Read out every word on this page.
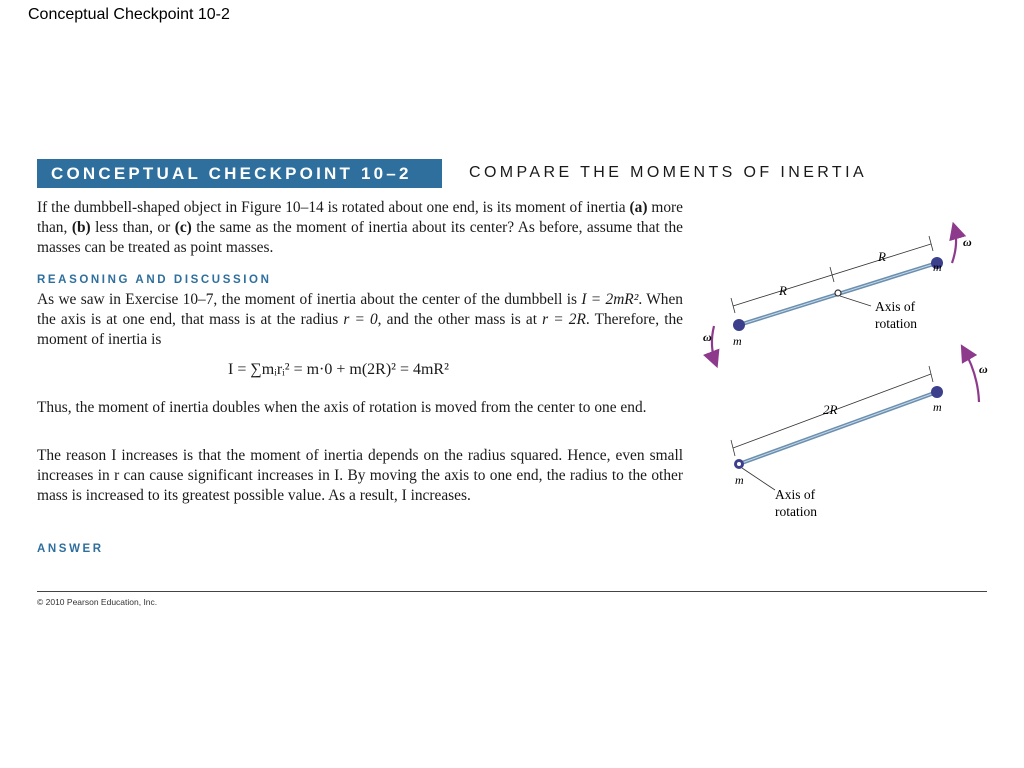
Conceptual Checkpoint 10-2
CONCEPTUAL CHECKPOINT 10–2	COMPARE THE MOMENTS OF INERTIA
If the dumbbell-shaped object in Figure 10–14 is rotated about one end, is its moment of inertia (a) more than, (b) less than, or (c) the same as the moment of inertia about its center? As before, assume that the masses can be treated as point masses.
REASONING AND DISCUSSION
As we saw in Exercise 10–7, the moment of inertia about the center of the dumbbell is I = 2mR². When the axis is at one end, that mass is at the radius r = 0, and the other mass is at r = 2R. Therefore, the moment of inertia is
I = ∑mᵢrᵢ² = m·0 + m(2R)² = 4mR²
Thus, the moment of inertia doubles when the axis of rotation is moved from the center to one end.
The reason I increases is that the moment of inertia depends on the radius squared. Hence, even small increases in r can cause significant increases in I. By moving the axis to one end, the radius to the other mass is increased to its greatest possible value. As a result, I increases.
ANSWER
R
R
m
m
Axis of
rotation
ω
ω
2R	m
m
Axis of
rotation
ω
© 2010 Pearson Education, Inc.
